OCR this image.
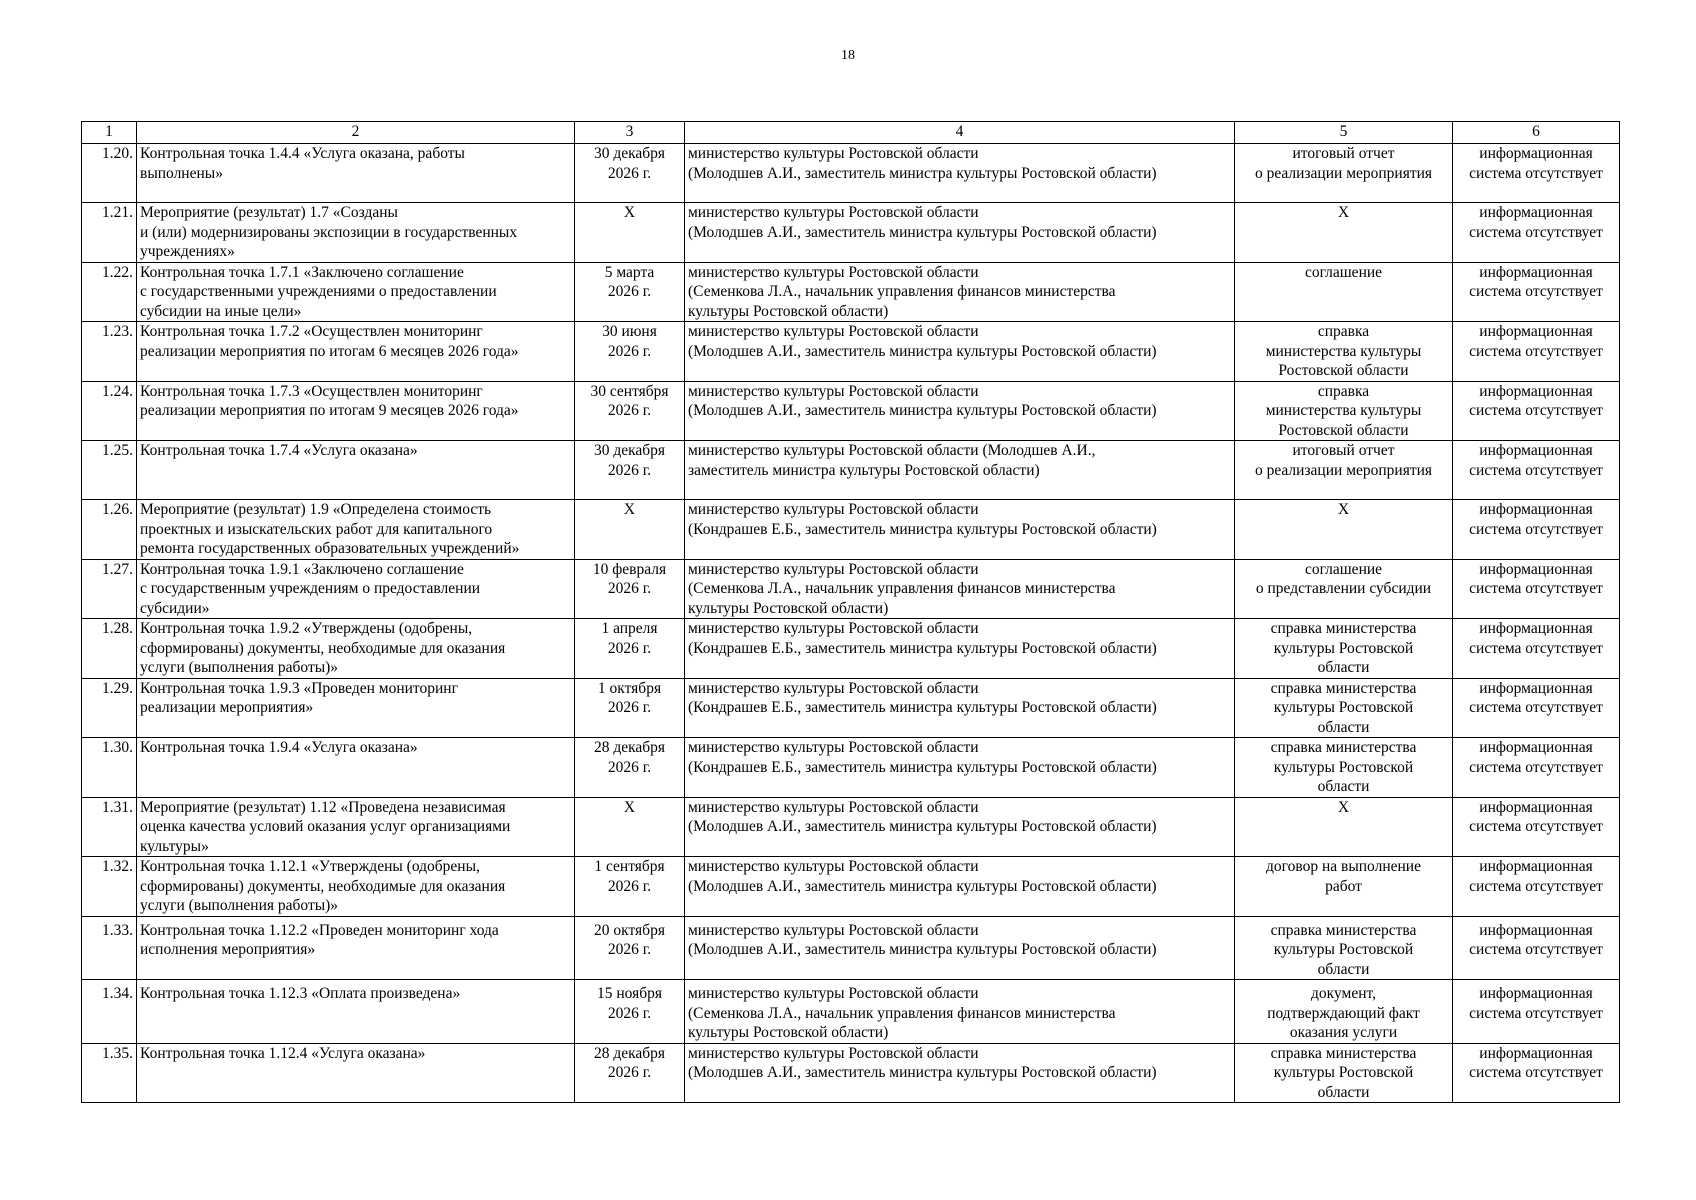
18
1	2	3	4	5	6
1.20.	Контрольная точка 1.4.4 «Услуга оказана, работы
выполнены»	30 декабря
2026 г.	министерство культуры Ростовской области
(Молодшев А.И., заместитель министра культуры Ростовской области)	итоговый отчет
о реализации мероприятия	информационная
система отсутствует
1.21.	Мероприятие (результат) 1.7 «Созданы
и (или) модернизированы экспозиции в государственных
учреждениях»	X	министерство культуры Ростовской области
(Молодшев А.И., заместитель министра культуры Ростовской области)	X	информационная
система отсутствует
1.22.	Контрольная точка 1.7.1 «Заключено соглашение
с государственными учреждениями о предоставлении
субсидии на иные цели»	5 марта
2026 г.	министерство культуры Ростовской области
(Семенкова Л.А., начальник управления финансов министерства
культуры Ростовской области)	соглашение	информационная
система отсутствует
1.23.	Контрольная точка 1.7.2 «Осуществлен мониторинг
реализации мероприятия по итогам 6 месяцев 2026 года»	30 июня
2026 г.	министерство культуры Ростовской области
(Молодшев А.И., заместитель министра культуры Ростовской области)	справка
министерства культуры
Ростовской области	информационная
система отсутствует
1.24.	Контрольная точка 1.7.3 «Осуществлен мониторинг
реализации мероприятия по итогам 9 месяцев 2026 года»	30 сентября
2026 г.	министерство культуры Ростовской области
(Молодшев А.И., заместитель министра культуры Ростовской области)	справка
министерства культуры
Ростовской области	информационная
система отсутствует
1.25.	Контрольная точка 1.7.4 «Услуга оказана»	30 декабря
2026 г.	министерство культуры Ростовской области (Молодшев А.И.,
заместитель министра культуры Ростовской области)	итоговый отчет
о реализации мероприятия	информационная
система отсутствует
1.26.	Мероприятие (результат) 1.9 «Определена стоимость
проектных и изыскательских работ для капитального
ремонта государственных образовательных учреждений»	X	министерство культуры Ростовской области
(Кондрашев Е.Б., заместитель министра культуры Ростовской области)	X	информационная
система отсутствует
1.27.	Контрольная точка 1.9.1 «Заключено соглашение
с государственным учреждениям о предоставлении
субсидии»	10 февраля
2026 г.	министерство культуры Ростовской области
(Семенкова Л.А., начальник управления финансов министерства
культуры Ростовской области)	соглашение
о представлении субсидии	информационная
система отсутствует
1.28.	Контрольная точка 1.9.2 «Утверждены (одобрены,
сформированы) документы, необходимые для оказания
услуги (выполнения работы)»	1 апреля
2026 г.	министерство культуры Ростовской области
(Кондрашев Е.Б., заместитель министра культуры Ростовской области)	справка министерства
культуры Ростовской
области	информационная
система отсутствует
1.29.	Контрольная точка 1.9.3 «Проведен мониторинг
реализации мероприятия»	1 октября
2026 г.	министерство культуры Ростовской области
(Кондрашев Е.Б., заместитель министра культуры Ростовской области)	справка министерства
культуры Ростовской
области	информационная
система отсутствует
1.30.	Контрольная точка 1.9.4 «Услуга оказана»	28 декабря
2026 г.	министерство культуры Ростовской области
(Кондрашев Е.Б., заместитель министра культуры Ростовской области)	справка министерства
культуры Ростовской
области	информационная
система отсутствует
1.31.	Мероприятие (результат) 1.12 «Проведена независимая
оценка качества условий оказания услуг организациями
культуры»	X	министерство культуры Ростовской области
(Молодшев А.И., заместитель министра культуры Ростовской области)	X	информационная
система отсутствует
1.32.	Контрольная точка 1.12.1 «Утверждены (одобрены,
сформированы) документы, необходимые для оказания
услуги (выполнения работы)»	1 сентября
2026 г.	министерство культуры Ростовской области
(Молодшев А.И., заместитель министра культуры Ростовской области)	договор на выполнение
работ	информационная
система отсутствует
1.33.	Контрольная точка 1.12.2 «Проведен мониторинг хода
исполнения мероприятия»	20 октября
2026 г.	министерство культуры Ростовской области
(Молодшев А.И., заместитель министра культуры Ростовской области)	справка министерства
культуры Ростовской
области	информационная
система отсутствует
1.34.	Контрольная точка 1.12.3 «Оплата произведена»	15 ноября
2026 г.	министерство культуры Ростовской области
(Семенкова Л.А., начальник управления финансов министерства
культуры Ростовской области)	документ,
подтверждающий факт
оказания услуги	информационная
система отсутствует
1.35.	Контрольная точка 1.12.4 «Услуга оказана»	28 декабря
2026 г.	министерство культуры Ростовской области
(Молодшев А.И., заместитель министра культуры Ростовской области)	справка министерства
культуры Ростовской
области	информационная
система отсутствует
